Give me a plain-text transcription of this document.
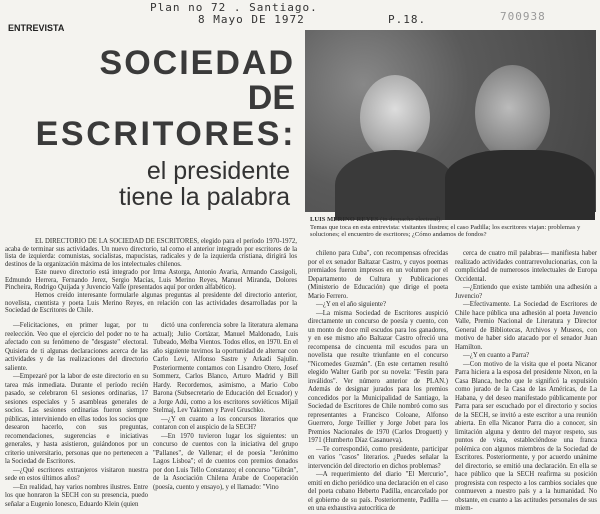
Plan no 72 . Santiago.
8 Mayo DE 1972	P.18.	700938
ENTREVISTA
SOCIEDAD
DE
ESCRITORES:
el presidente
tiene la palabra
LUIS MERINO REYES (in despacho electoral).
Temas que toca en esta entrevista: visitantes ilustres; el caso Padilla; los escritores viajan: problemas y soluciones; el encuentro de escritores; ¿Cómo andamos de fondos?

EL DIRECTORIO DE LA SOCIEDAD DE ESCRITORES, elegido para el período 1970-1972, acaba de terminar sus actividades. Un nuevo directorio, tal como el anterior integrado por escritores de la lista de izquierda: comunistas, socialistas, mapucistas, radicales y de la izquierda cristiana, dirigirá los destinos de la organización máxima de los intelectuales chilenos.

Este nuevo directorio está integrado por Irma Astorga, Antonio Avaria, Armando Cassigoli, Edmundo Herrera, Fernando Jerez, Sergio Macías, Luis Merino Reyes, Manuel Miranda, Dolores Pincheira, Rodrigo Quijada y Juvencio Valle (presentados aquí por orden alfabético).

Hemos creído interesante formularle algunas preguntas al presidente del directorio anterior, novelista, cuentista y poeta Luis Merino Reyes, en relación con las actividades desarrolladas por la Sociedad de Escritores de Chile.

—Felicitaciones, en primer lugar, por tu reelección. Veo que el ejercicio del poder no te ha afectado con su fenómeno de "desgaste" electoral. Quisiera de ti algunas declaraciones acerca de las actividades y de las realizaciones del directorio saliente.

—Empezaré por la labor de este directorio en su tarea más inmediata. Durante el período recién pasado, se celebraron 61 sesiones ordinarias, 17 sesiones especiales y 5 asambleas generales de socios. Las sesiones ordinarias fueron siempre públicas, interviniendo en ellas todos los socios que desearon hacerlo, con sus preguntas, recomendaciones, sugerencias e iniciativas generales, y hasta asistieron, guiándonos por un criterio universitario, personas que no pertenecen a la Sociedad de Escritores.

—¿Qué escritores extranjeros visitaron nuestra sede en estos últimos años?

—En realidad, hay varios nombres ilustres. Entre los que honraron la SECH con su presencia, puedo señalar a Eugenio Ionesco, Eduardo Klein (quien

dictó una conferencia sobre la literatura alemana actual); Julio Cortázar, Manuel Maldonado, Luis Tubeado, Melba Vientos. Todos ellos, en 1970. En el año siguiente tuvimos la oportunidad de alternar con Carlo Levi, Alfonso Sastre y Arkadi Sajulin. Posteriormente contamos con Lisandro Otero, Josef Sommerz, Carlos Blanco, Arturo Madrid y Bill Hardy. Recordemos, asimismo, a Mario Cobo Barona (Subsecretario de Educación del Ecuador) y a Jorge Adú, como a los escritores soviéticos Mijail Stelmaj, Lev Yakimen y Pavel Gruschko.

—¿Y en cuanto a los concursos literarios que contaron con el auspicio de la SECH?

—En 1970 tuvieron lugar los siguientes: un concurso de cuentos con la iniciativa del grupo "Pallanes", de Vallenar; el de poesía "Jerónimo Lagos Lisboa"; el de cuentos con premios donados por don Luis Tello Constanzo; el concurso "Gibrán", de la Asociación Chilena Árabe de Cooperación (poesía, cuento y ensayo), y el llamado: "Vino

chileno para Cuba", con recompensas ofrecidas por el ex senador Baltazar Castro, y cuyos poemas premiados fueron impresos en un volumen por el Departamento de Cultura y Publicaciones (Ministerio de Educación) que dirige el poeta Mario Ferrero.

—¿Y en el año siguiente?

—La misma Sociedad de Escritores auspició directamente un concurso de poesía y cuento, con un monto de doce mil escudos para los ganadores, y en ese mismo año Baltazar Castro ofreció una recompensa de cincuenta mil escudos para un novelista que resulte triunfante en el concurso "Nicomedes Guzmán". (En este certamen resultó elegido Walter Garib por su novela: "Festín para inválidos". Ver número anterior de PLAN.) Además de designar jurados para los premios concedidos por la Municipalidad de Santiago, la Sociedad de Escritores de Chile nombró como sus representantes a Francisco Coloane, Alfonso Guerrero, Jorge Teillier y Jorge Jobet para los Premios Nacionales de 1970 (Carlos Droguett) y 1971 (Humberto Díaz Casanueva).

—Te correspondió, como presidente, participar en varios "casos" literarios. ¿Puedes señalar la intervención del directorio en dichos problemas?

—A requerimiento del diario "El Mercurio", emití en dicho periódico una declaración en el caso del poeta cubano Heberto Padilla, encarcelado por el gobierno de su país. Posteriormente, Padilla —en una exhaustiva autocrítica de

cerca de cuatro mil palabras— manifiesta haber realizado actividades contrarrevolucionarias, con la complicidad de numerosos intelectuales de Europa Occidental.

—¿Entiendo que existe también una adhesión a Juvencio?

—Efectivamente. La Sociedad de Escritores de Chile hace pública una adhesión al poeta Juvencio Valle, Premio Nacional de Literatura y Director General de Bibliotecas, Archivos y Museos, con motivo de haber sido atacado por el senador Juan Hamilton.

—¿Y en cuanto a Parra?

—Con motivo de la visita que el poeta Nicanor Parra hiciera a la esposa del presidente Nixon, en la Casa Blanca, hecho que le significó la expulsión como jurado de la Casa de las Américas, de La Habana, y del deseo manifestado públicamente por Parra para ser escuchado por el directorio y socios de la SECH, se invitó a este escritor a una reunión abierta. En ella Nicanor Parra dio a conocer, sin limitación alguna y dentro del mayor respeto, sus puntos de vista, estableciéndose una franca polémica con algunos miembros de la Sociedad de Escritores. Posteriormente, y por acuerdo unánime del directorio, se emitió una declaración. En ella se hace público que la SECH reafirma su posición progresista con respecto a los cambios sociales que conmueven a nuestro país y a la humanidad. No obstante, en cuanto a las actitudes personales de sus miem-
